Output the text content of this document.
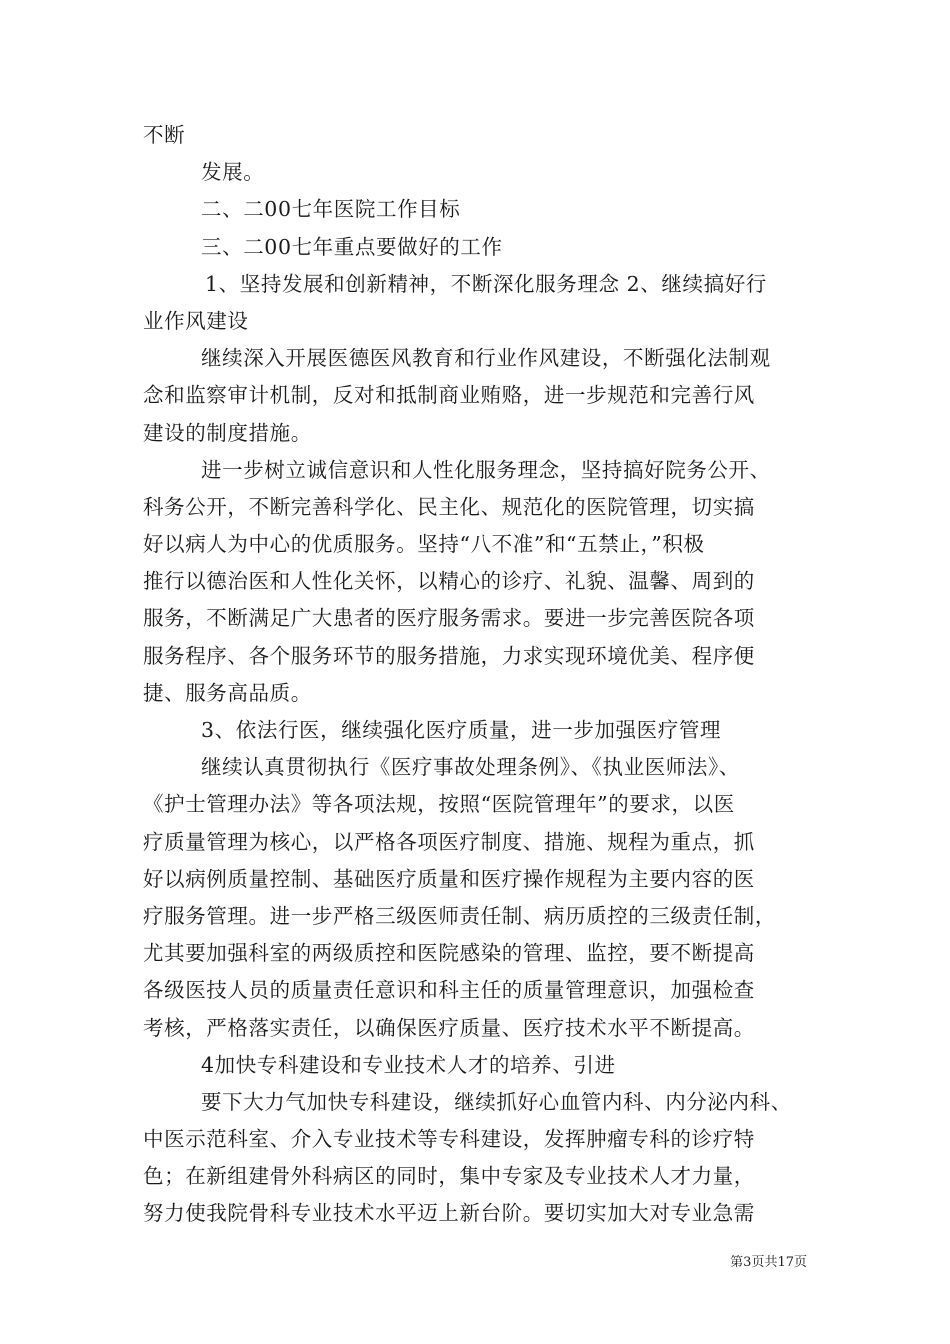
不断
发展。
二、二00七年医院工作目标
三、二00七年重点要做好的工作
1、坚持发展和创新精神，不断深化服务理念 2、继续搞好行
业作风建设
继续深入开展医德医风教育和行业作风建设，不断强化法制观
念和监察审计机制，反对和抵制商业贿赂，进一步规范和完善行风
建设的制度措施。
进一步树立诚信意识和人性化服务理念，坚持搞好院务公开、
科务公开，不断完善科学化、民主化、规范化的医院管理，切实搞
好以病人为中心的优质服务。坚持“八不准”和“五禁止，”积极
推行以德治医和人性化关怀，以精心的诊疗、礼貌、温馨、周到的
服务，不断满足广大患者的医疗服务需求。要进一步完善医院各项
服务程序、各个服务环节的服务措施，力求实现环境优美、程序便
捷、服务高品质。
3、依法行医，继续强化医疗质量，进一步加强医疗管理
继续认真贯彻执行《医疗事故处理条例》、《执业医师法》、
《护士管理办法》等各项法规，按照“医院管理年”的要求，以医
疗质量管理为核心，以严格各项医疗制度、措施、规程为重点，抓
好以病例质量控制、基础医疗质量和医疗操作规程为主要内容的医
疗服务管理。进一步严格三级医师责任制、病历质控的三级责任制，
尤其要加强科室的两级质控和医院感染的管理、监控，要不断提高
各级医技人员的质量责任意识和科主任的质量管理意识，加强检查
考核，严格落实责任，以确保医疗质量、医疗技术水平不断提高。
4加快专科建设和专业技术人才的培养、引进
要下大力气加快专科建设，继续抓好心血管内科、内分泌内科、
中医示范科室、介入专业技术等专科建设，发挥肿瘤专科的诊疗特
色；在新组建骨外科病区的同时，集中专家及专业技术人才力量，
努力使我院骨科专业技术水平迈上新台阶。要切实加大对专业急需
第3页共17页
